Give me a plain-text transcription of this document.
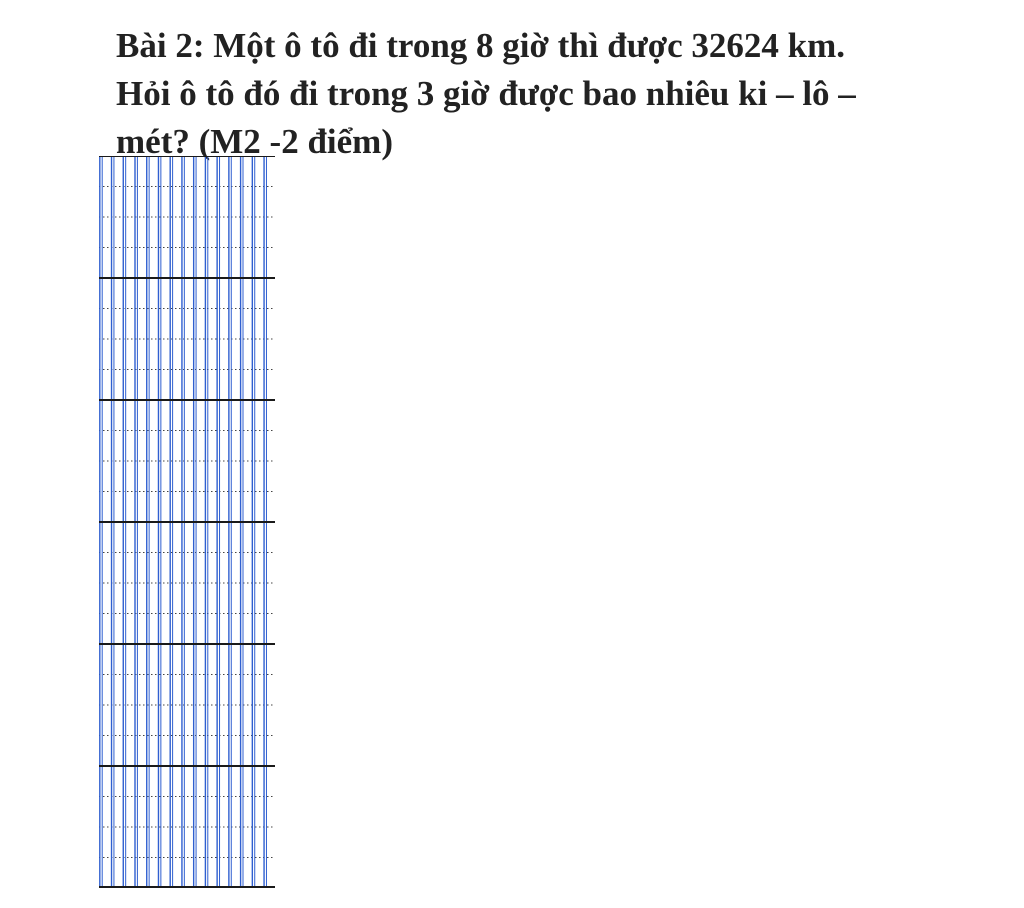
Bài 2: Một ô tô đi trong 8 giờ thì được 32624 km.
Hỏi ô tô đó đi trong 3 giờ được bao nhiêu ki – lô –
mét? (M2 -2 điểm)
